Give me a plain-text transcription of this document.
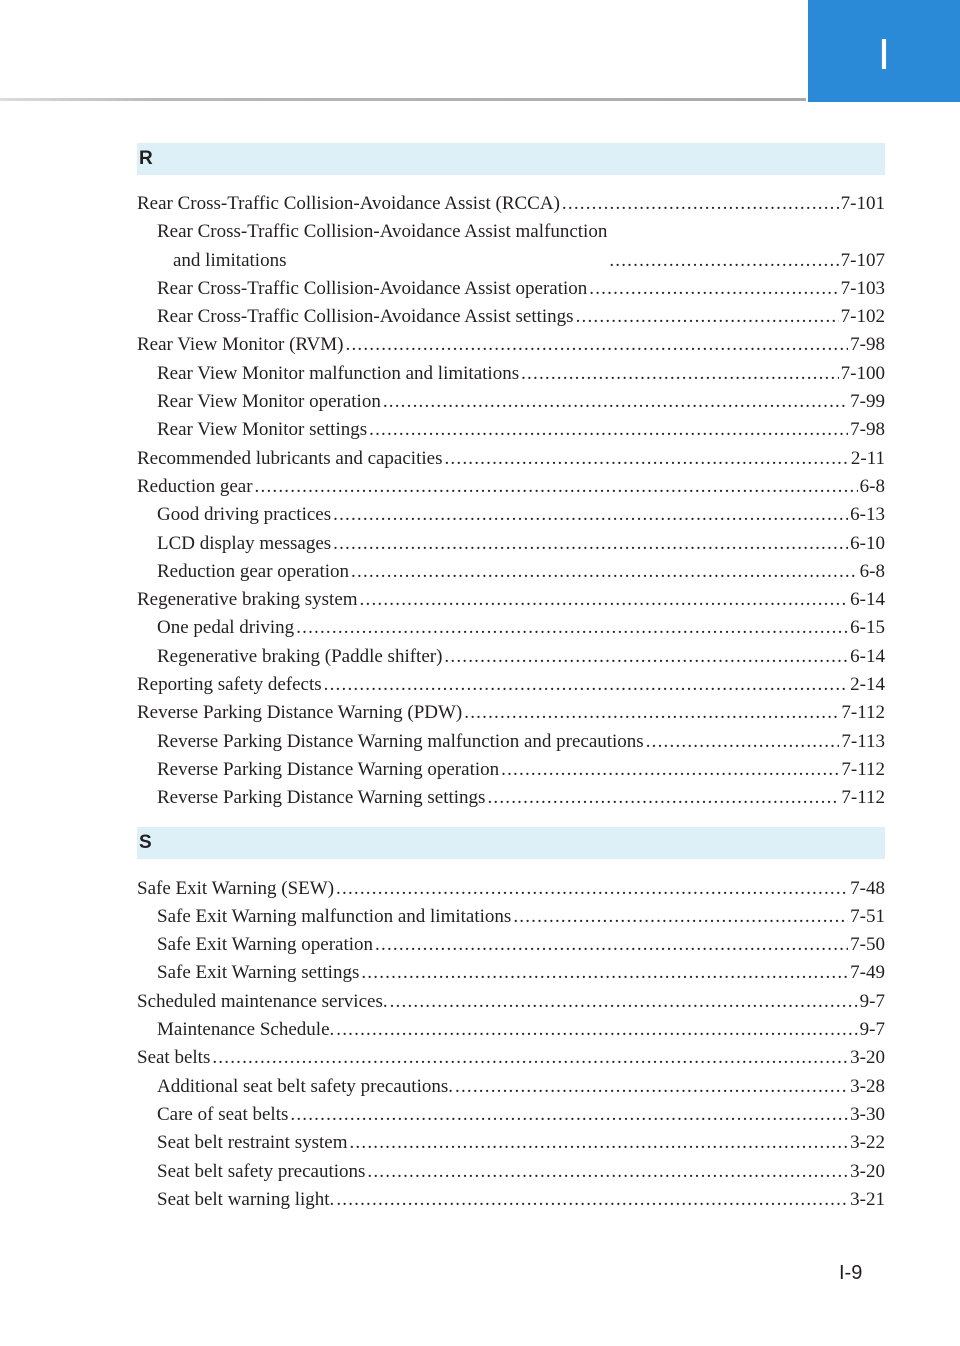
I
R
Rear Cross-Traffic Collision-Avoidance Assist (RCCA) .....	7-101
Rear Cross-Traffic Collision-Avoidance Assist malfunction
and limitations .....	7-107
Rear Cross-Traffic Collision-Avoidance Assist operation .....	7-103
Rear Cross-Traffic Collision-Avoidance Assist settings .....	7-102
Rear View Monitor (RVM) .....	7-98
Rear View Monitor malfunction and limitations .....	7-100
Rear View Monitor operation .....	7-99
Rear View Monitor settings .....	7-98
Recommended lubricants and capacities .....	2-11
Reduction gear .....	6-8
Good driving practices .....	6-13
LCD display messages .....	6-10
Reduction gear operation .....	6-8
Regenerative braking system .....	6-14
One pedal driving .....	6-15
Regenerative braking (Paddle shifter) .....	6-14
Reporting safety defects .....	2-14
Reverse Parking Distance Warning (PDW) .....	7-112
Reverse Parking Distance Warning malfunction and precautions .....	7-113
Reverse Parking Distance Warning operation .....	7-112
Reverse Parking Distance Warning settings .....	7-112
S
Safe Exit Warning (SEW) .....	7-48
Safe Exit Warning malfunction and limitations .....	7-51
Safe Exit Warning operation .....	7-50
Safe Exit Warning settings .....	7-49
Scheduled maintenance services. .....	9-7
Maintenance Schedule. .....	9-7
Seat belts .....	3-20
Additional seat belt safety precautions. .....	3-28
Care of seat belts .....	3-30
Seat belt restraint system .....	3-22
Seat belt safety precautions .....	3-20
Seat belt warning light. .....	3-21
I-9
